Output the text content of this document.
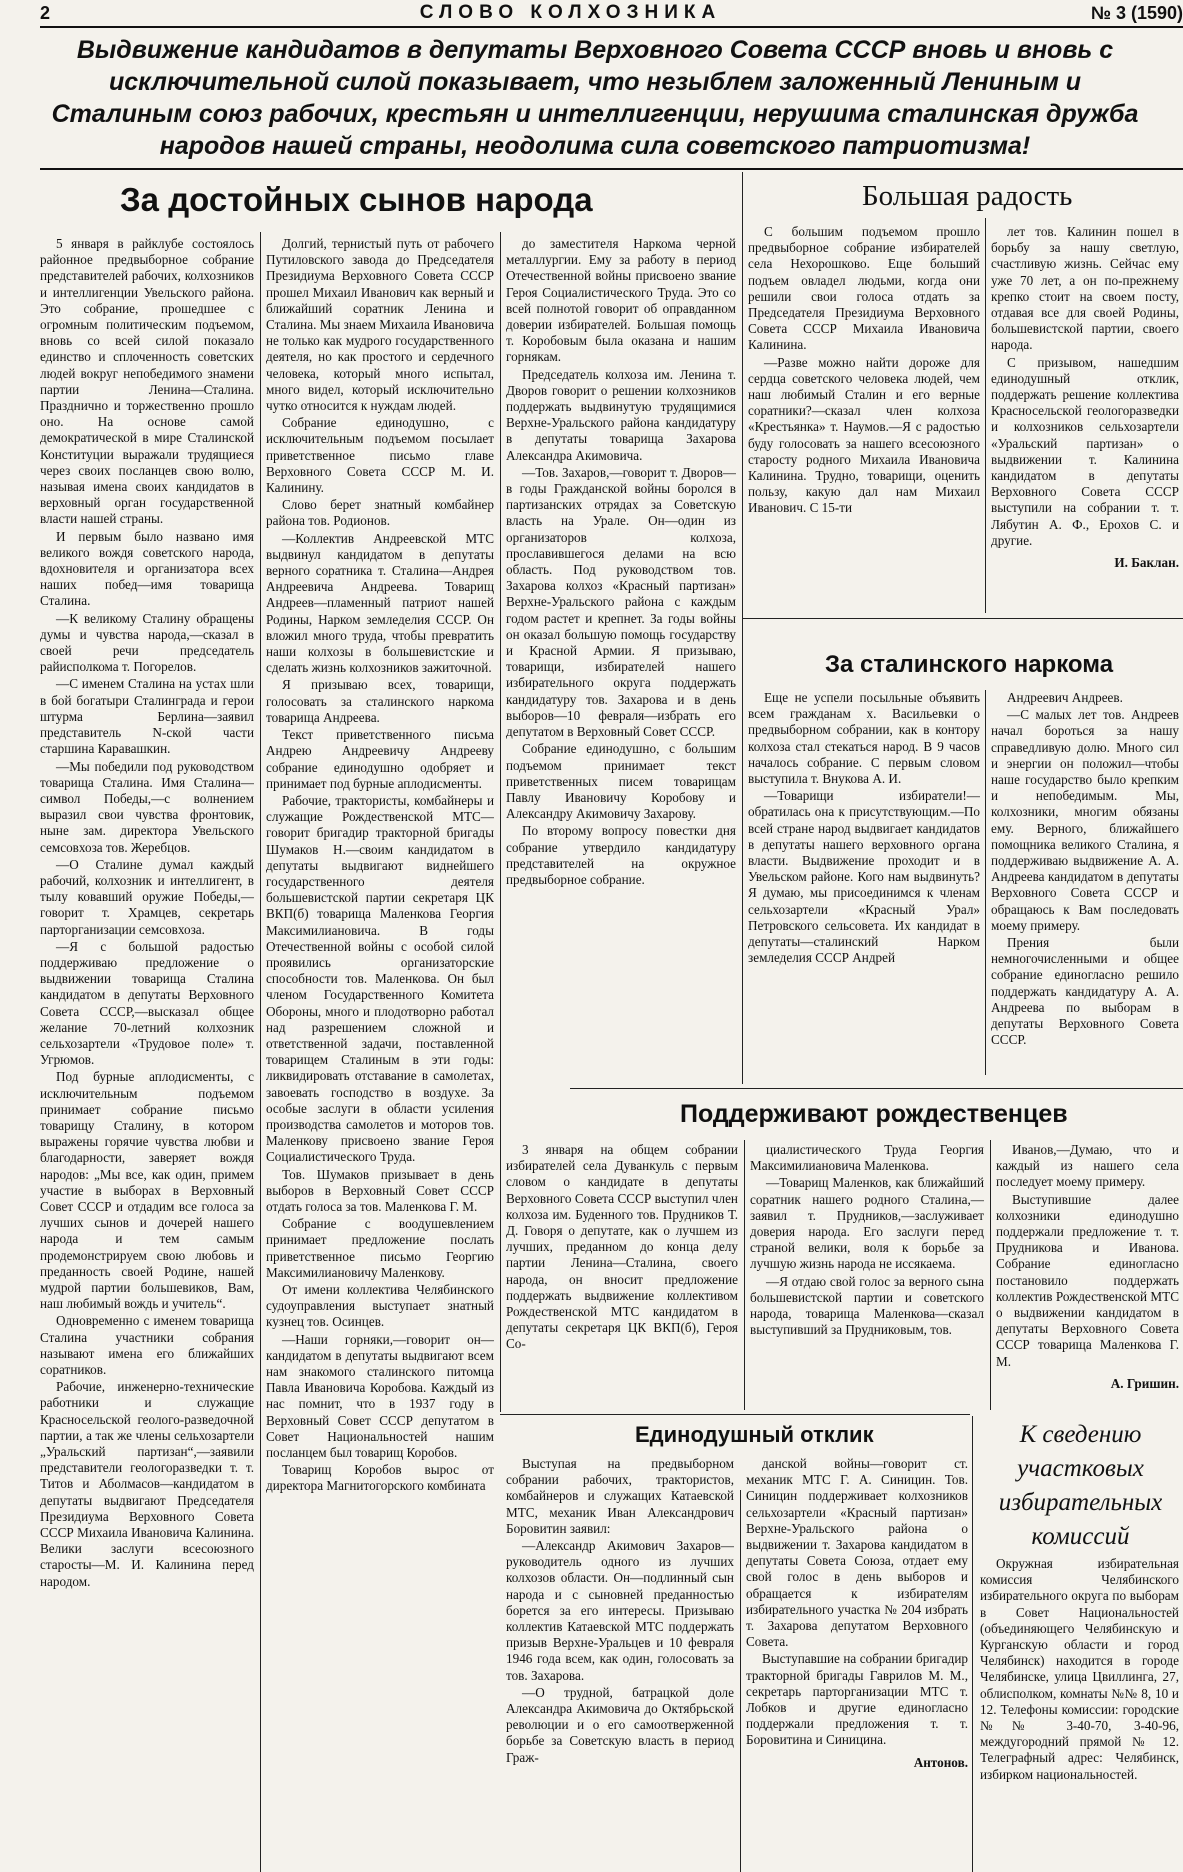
2	СЛОВО КОЛХОЗНИКА	№ 3 (1590)
Выдвижение кандидатов в депутаты Верховного Совета СССР вновь и вновь с исключительной силой показывает, что незыблем заложенный Лениным и Сталиным союз рабочих, крестьян и интеллигенции, нерушима сталинская дружба народов нашей страны, неодолима сила советского патриотизма!
За достойных сынов народа

5 января в райклубе состоялось районное предвыборное собрание представителей рабочих, колхозников и интеллигенции Увельского района. Это собрание, прошедшее с огромным политическим подъемом, вновь со всей силой показало единство и сплоченность советских людей вокруг непобедимого знамени партии Ленина—Сталина. Празднично и торжественно прошло оно. На основе самой демократической в мире Сталинской Конституции выражали трудящиеся через своих посланцев свою волю, называя имена своих кандидатов в верховный орган государственной власти нашей страны.

И первым было названо имя великого вождя советского народа, вдохновителя и организатора всех наших побед—имя товарища Сталина.

—К великому Сталину обращены думы и чувства народа,—сказал в своей речи председатель райисполкома т. Погорелов.

—С именем Сталина на устах шли в бой богатыри Сталинграда и герои штурма Берлина—заявил представитель N-ской части старшина Каравашкин.

—Мы победили под руководством товарища Сталина. Имя Сталина—символ Победы,—с волнением выразил свои чувства фронтовик, ныне зам. директора Увельского семсовхоза тов. Жеребцов.

—О Сталине думал каждый рабочий, колхозник и интеллигент, в тылу ковавший оружие Победы,—говорит т. Храмцев, секретарь парторганизации семсовхоза.

—Я с большой радостью поддерживаю предложение о выдвижении товарища Сталина кандидатом в депутаты Верховного Совета СССР,—высказал общее желание 70-летний колхозник сельхозартели «Трудовое поле» т. Угрюмов.

Под бурные аплодисменты, с исключительным подъемом принимает собрание письмо товарищу Сталину, в котором выражены горячие чувства любви и благодарности, заверяет вождя народов: „Мы все, как один, примем участие в выборах в Верховный Совет СССР и отдадим все голоса за лучших сынов и дочерей нашего народа и тем самым продемонстрируем свою любовь и преданность своей Родине, нашей мудрой партии большевиков, Вам, наш любимый вождь и учитель“.

Одновременно с именем товарища Сталина участники собрания называют имена его ближайших соратников.

Рабочие, инженерно-технические работники и служащие Красносельской геолого-разведочной партии, а так же члены сельхозартели „Уральский партизан“,—заявили представители геологоразведки т. т. Титов и Аболмасов—кандидатом в депутаты выдвигают Председателя Президиума Верховного Совета СССР Михаила Ивановича Калинина. Велики заслуги всесоюзного старосты—М. И. Калинина перед народом.

Долгий, тернистый путь от рабочего Путиловского завода до Председателя Президиума Верховного Совета СССР прошел Михаил Иванович как верный и ближайший соратник Ленина и Сталина. Мы знаем Михаила Ивановича не только как мудрого государственного деятеля, но как простого и сердечного человека, который много испытал, много видел, который исключительно чутко относится к нуждам людей.

Собрание единодушно, с исключительным подъемом посылает приветственное письмо главе Верховного Совета СССР М. И. Калинину.

Слово берет знатный комбайнер района тов. Родионов.

—Коллектив Андреевской МТС выдвинул кандидатом в депутаты верного соратника т. Сталина—Андрея Андреевича Андреева. Товарищ Андреев—пламенный патриот нашей Родины, Нарком земледелия СССР. Он вложил много труда, чтобы превратить наши колхозы в большевистские и сделать жизнь колхозников зажиточной.

Я призываю всех, товарищи, голосовать за сталинского наркома товарища Андреева.

Текст приветственного письма Андрею Андреевичу Андрееву собрание единодушно одобряет и принимает под бурные аплодисменты.

Рабочие, трактористы, комбайнеры и служащие Рождественской МТС—говорит бригадир тракторной бригады Шумаков Н.—своим кандидатом в депутаты выдвигают виднейшего государственного деятеля большевистской партии секретаря ЦК ВКП(б) товарища Маленкова Георгия Максимилиановича. В годы Отечественной войны с особой силой проявились организаторские способности тов. Маленкова. Он был членом Государственного Комитета Обороны, много и плодотворно работал над разрешением сложной и ответственной задачи, поставленной товарищем Сталиным в эти годы: ликвидировать отставание в самолетах, завоевать господство в воздухе. За особые заслуги в области усиления производства самолетов и моторов тов. Маленкову присвоено звание Героя Социалистического Труда.

Тов. Шумаков призывает в день выборов в Верховный Совет СССР отдать голоса за тов. Маленкова Г. М.

Собрание с воодушевлением принимает предложение послать приветственное письмо Георгию Максимилиановичу Маленкову.

От имени коллектива Челябинского судоуправления выступает знатный кузнец тов. Осинцев.

—Наши горняки,—говорит он—кандидатом в депутаты выдвигают всем нам знакомого сталинского питомца Павла Ивановича Коробова. Каждый из нас помнит, что в 1937 году в Верховный Совет СССР депутатом в Совет Национальностей нашим посланцем был товарищ Коробов.

Товарищ Коробов вырос от директора Магнитогорского комбината

до заместителя Наркома черной металлургии. Ему за работу в период Отечественной войны присвоено звание Героя Социалистического Труда. Это со всей полнотой говорит об оправданном доверии избирателей. Большая помощь т. Коробовым была оказана и нашим горнякам.

Председатель колхоза им. Ленина т. Дворов говорит о решении колхозников поддержать выдвинутую трудящимися Верхне-Уральского района кандидатуру в депутаты товарища Захарова Александра Акимовича.

—Тов. Захаров,—говорит т. Дворов—в годы Гражданской войны боролся в партизанских отрядах за Советскую власть на Урале. Он—один из организаторов колхоза, прославившегося делами на всю область. Под руководством тов. Захарова колхоз «Красный партизан» Верхне-Уральского района с каждым годом растет и крепнет. За годы войны он оказал большую помощь государству и Красной Армии. Я призываю, товарищи, избирателей нашего избирательного округа поддержать кандидатуру тов. Захарова и в день выборов—10 февраля—избрать его депутатом в Верховный Совет СССР.

Собрание единодушно, с большим подъемом принимает текст приветственных писем товарищам Павлу Ивановичу Коробову и Александру Акимовичу Захарову.

По второму вопросу повестки дня собрание утвердило кандидатуру представителей на окружное предвыборное собрание.

Большая радость

С большим подъемом прошло предвыборное собрание избирателей села Нехорошково. Еще больший подъем овладел людьми, когда они решили свои голоса отдать за Председателя Президиума Верховного Совета СССР Михаила Ивановича Калинина.

—Разве можно найти дороже для сердца советского человека людей, чем наш любимый Сталин и его верные соратники?—сказал член колхоза «Крестьянка» т. Наумов.—Я с радостью буду голосовать за нашего всесоюзного старосту родного Михаила Ивановича Калинина. Трудно, товарищи, оценить пользу, какую дал нам Михаил Иванович. С 15-ти

лет тов. Калинин пошел в борьбу за нашу светлую, счастливую жизнь. Сейчас ему уже 70 лет, а он по-прежнему крепко стоит на своем посту, отдавая все для своей Родины, большевистской партии, своего народа.

С призывом, нашедшим единодушный отклик, поддержать решение коллектива Красносельской геологоразведки и колхозников сельхозартели «Уральский партизан» о выдвижении т. Калинина кандидатом в депутаты Верховного Совета СССР выступили на собрании т. т. Лябутин А. Ф., Ерохов С. и другие.

И. Баклан.

За сталинского наркома

Еще не успели посыльные объявить всем гражданам х. Васильевки о предвыборном собрании, как в контору колхоза стал стекаться народ. В 9 часов началось собрание. С первым словом выступила т. Внукова А. И.

—Товарищи избиратели!—обратилась она к присутствующим.—По всей стране народ выдвигает кандидатов в депутаты нашего верховного органа власти. Выдвижение проходит и в Увельском районе. Кого нам выдвинуть? Я думаю, мы присоединимся к членам сельхозартели «Красный Урал» Петровского сельсовета. Их кандидат в депутаты—сталинский Нарком земледелия СССР Андрей

Андреевич Андреев.

—С малых лет тов. Андреев начал бороться за нашу справедливую долю. Много сил и энергии он положил—чтобы наше государство было крепким и непобедимым. Мы, колхозники, многим обязаны ему. Верного, ближайшего помощника великого Сталина, я поддерживаю выдвижение А. А. Андреева кандидатом в депутаты Верховного Совета СССР и обращаюсь к Вам последовать моему примеру.

Прения были немногочисленными и общее собрание единогласно решило поддержать кандидатуру А. А. Андреева по выборам в депутаты Верховного Совета СССР.

Поддерживают рождественцев

3 января на общем собрании избирателей села Дуванкуль с первым словом о кандидате в депутаты Верховного Совета СССР выступил член колхоза им. Буденного тов. Прудников Т. Д. Говоря о депутате, как о лучшем из лучших, преданном до конца делу партии Ленина—Сталина, своего народа, он вносит предложение поддержать выдвижение коллективом Рождественской МТС кандидатом в депутаты секретаря ЦК ВКП(б), Героя Со-

циалистического Труда Георгия Максимилиановича Маленкова.

—Товарищ Маленков, как ближайший соратник нашего родного Сталина,—заявил т. Прудников,—заслуживает доверия народа. Его заслуги перед страной велики, воля к борьбе за лучшую жизнь народа не иссякаема.

—Я отдаю свой голос за верного сына большевистской партии и советского народа, товарища Маленкова—сказал выступивший за Прудниковым, тов.

Иванов,—Думаю, что и каждый из нашего села последует моему примеру.

Выступившие далее колхозники единодушно поддержали предложение т. т. Прудникова и Иванова. Собрание единогласно постановило поддержать коллектив Рождественской МТС о выдвижении кандидатом в депутаты Верховного Совета СССР товарища Маленкова Г. М.

А. Гришин.

Единодушный отклик

Выступая на предвыборном собрании рабочих, трактористов, комбайнеров и служащих Катаевской МТС, механик Иван Александрович Боровитин заявил:

—Александр Акимович Захаров—руководитель одного из лучших колхозов области. Он—подлинный сын народа и с сыновней преданностью борется за его интересы. Призываю коллектив Катаевской МТС поддержать призыв Верхне-Уральцев и 10 февраля 1946 года всем, как один, голосовать за тов. Захарова.

—О трудной, батрацкой доле Александра Акимовича до Октябрьской революции и о его самоотверженной борьбе за Советскую власть в период Граж-

данской войны—говорит ст. механик МТС Г. А. Синицин. Тов. Синицин поддерживает колхозников сельхозартели «Красный партизан» Верхне-Уральского района о выдвижении т. Захарова кандидатом в депутаты Совета Союза, отдает ему свой голос в день выборов и обращается к избирателям избирательного участка № 204 избрать т. Захарова депутатом Верховного Совета.

Выступавшие на собрании бригадир тракторной бригады Гаврилов М. М., секретарь парторганизации МТС т. Лобков и другие единогласно поддержали предложения т. т. Боровитина и Синицина.

Антонов.

К сведению участковых избирательных комиссий

Окружная избирательная комиссия Челябинского избирательного округа по выборам в Совет Национальностей (объединяющего Челябинскую и Курганскую области и город Челябинск) находится в городе Челябинске, улица Цвиллинга, 27, облисполком, комнаты №№ 8, 10 и 12. Телефоны комиссии: городские №№ 3-40-70, 3-40-96, междугородний прямой № 12. Телеграфный адрес: Челябинск, избирком национальностей.
